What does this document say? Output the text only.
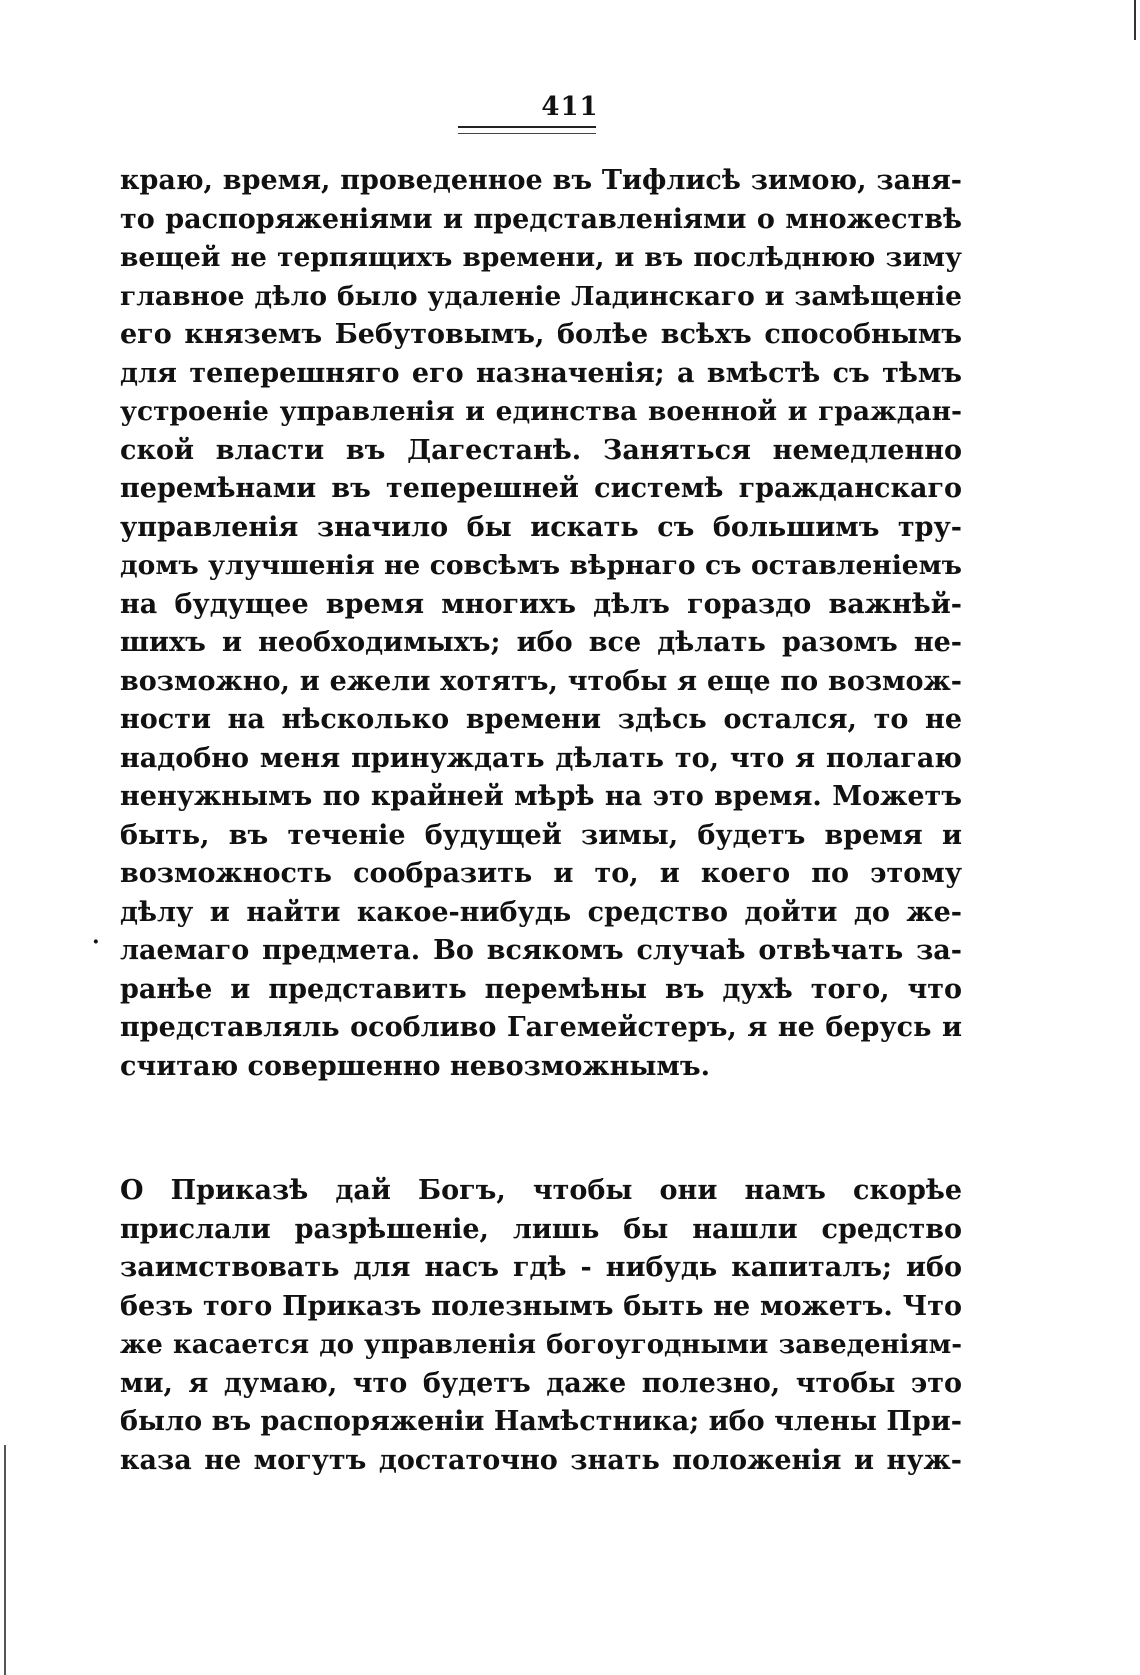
411
краю, время, проведенное въ Тифлисѣ зимою, заня-
то распоряженіями и представленіями о множествѣ
вещей не терпящихъ времени, и въ послѣднюю зиму
главное дѣло было удаленіе Ладинскаго и замѣщеніе
его княземъ Бебутовымъ, болѣе всѣхъ способнымъ
для теперешняго его назначенія; а вмѣстѣ съ тѣмъ
устроеніе управленія и единства военной и граждан-
ской власти въ Дагестанѣ. Заняться немедленно
перемѣнами въ теперешней системѣ гражданскаго
управленія значило бы искать съ большимъ тру-
домъ улучшенія не совсѣмъ вѣрнаго съ оставленіемъ
на будущее время многихъ дѣлъ гораздо важнѣй-
шихъ и необходимыхъ; ибо все дѣлать разомъ не-
возможно, и ежели хотятъ, чтобы я еще по возмож-
ности на нѣсколько времени здѣсь остался, то не
надобно меня принуждать дѣлать то, что я полагаю
ненужнымъ по крайней мѣрѣ на это время. Можетъ
быть, въ теченіе будущей зимы, будетъ время и
возможность сообразить и то, и коего по этому
дѣлу и найти какое-нибудь средство дойти до же-
лаемаго предмета. Во всякомъ случаѣ отвѣчать за-
ранѣе и представить перемѣны въ духѣ того, что
представляль особливо Гагемейстеръ, я не берусь и
считаю совершенно невозможнымъ.
·
О Приказѣ дай Богъ, чтобы они намъ скорѣе
прислали разрѣшеніе, лишь бы нашли средство
заимствовать для насъ гдѣ - нибудь капиталъ; ибо
безъ того Приказъ полезнымъ быть не можетъ. Что
же касается до управленія богоугодными заведеніям-
ми, я думаю, что будетъ даже полезно, чтобы это
было въ распоряженіи Намѣстника; ибо члены При-
каза не могутъ достаточно знать положенія и нуж-
